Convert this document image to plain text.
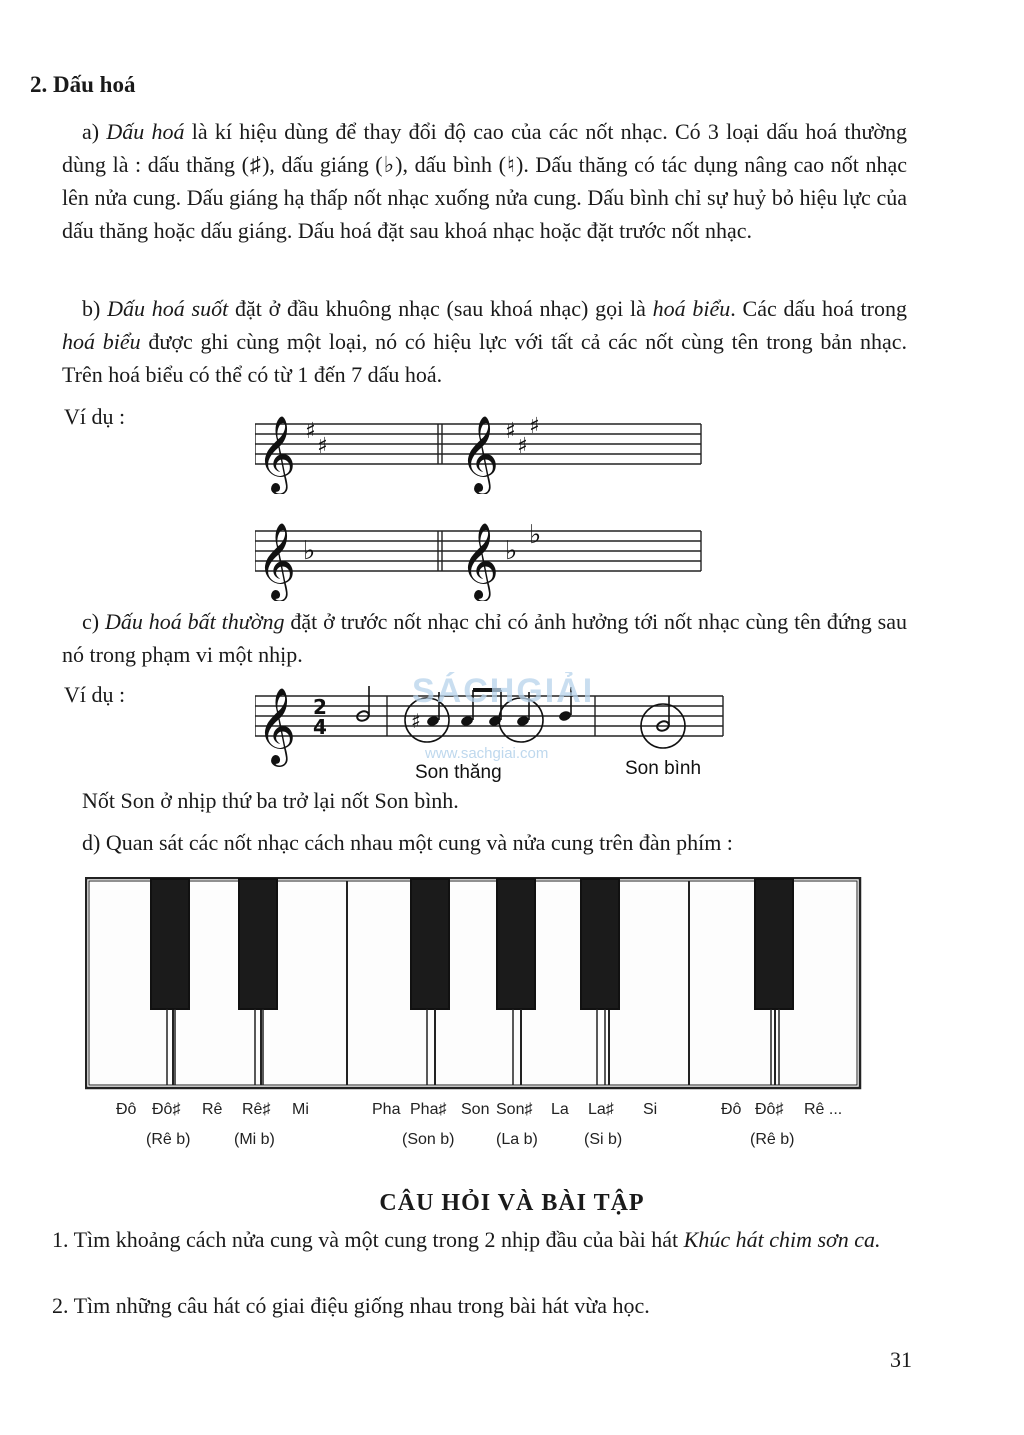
2. Dấu hoá
a) Dấu hoá là kí hiệu dùng để thay đổi độ cao của các nốt nhạc. Có 3 loại dấu hoá thường dùng là : dấu thăng (♯), dấu giáng (♭), dấu bình (♮). Dấu thăng có tác dụng nâng cao nốt nhạc lên nửa cung. Dấu giáng hạ thấp nốt nhạc xuống nửa cung. Dấu bình chỉ sự huỷ bỏ hiệu lực của dấu thăng hoặc dấu giáng. Dấu hoá đặt sau khoá nhạc hoặc đặt trước nốt nhạc.
b) Dấu hoá suốt đặt ở đầu khuông nhạc (sau khoá nhạc) gọi là hoá biểu. Các dấu hoá trong hoá biểu được ghi cùng một loại, nó có hiệu lực với tất cả các nốt cùng tên trong bản nhạc. Trên hoá biểu có thể có từ 1 đến 7 dấu hoá.
Ví dụ : 𝄞 ♯
♯ 𝄞 ♯
♯
♯
𝄞 ♭ 𝄞 ♭
♭
c) Dấu hoá bất thường đặt ở trước nốt nhạc chỉ có ảnh hưởng tới nốt nhạc cùng tên đứng sau nó trong phạm vi một nhịp.
Ví dụ : 𝄞 2
4	♯
Son thăng	Son bình
SÁCHGIẢI
www.sachgiai.com
Nốt Son ở nhịp thứ ba trở lại nốt Son bình.
d) Quan sát các nốt nhạc cách nhau một cung và nửa cung trên đàn phím :
Đô Đô♯ Rê Rê♯ Mi	Pha Pha♯ Son Son♯ La La♯ Si	Đô Đô♯ Rê ...
(Rê b)	(Mi b)	(Son b)	(La b)	(Si b)	(Rê b)
CÂU HỎI VÀ BÀI TẬP
1. Tìm khoảng cách nửa cung và một cung trong 2 nhịp đầu của bài hát Khúc hát chim sơn ca.
2. Tìm những câu hát có giai điệu giống nhau trong bài hát vừa học.
31
